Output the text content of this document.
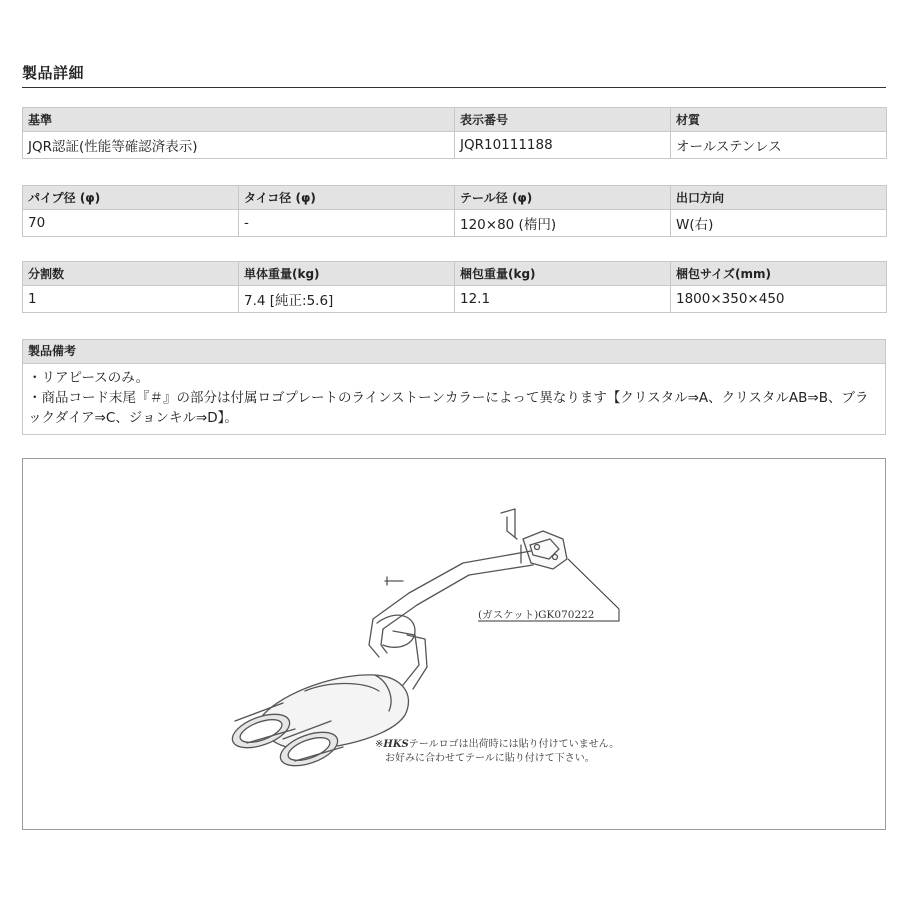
製品詳細
基準	表示番号	材質
JQR認証(性能等確認済表示)	JQR10111188	オールステンレス
パイプ径 (φ)	タイコ径 (φ)	テール径 (φ)	出口方向
70	-	120×80 (楕円)	W(右)
分割数	単体重量(kg)	梱包重量(kg)	梱包サイズ(mm)
1	7.4 [純正:5.6]	12.1	1800×350×450
製品備考
・リアピースのみ。
・商品コード末尾『＃』の部分は付属ロゴプレートのラインストーンカラーによって異なります【クリスタル⇒A、クリスタルAB⇒B、ブラックダイア⇒C、ジョンキル⇒D】。
(ガスケット)GK070222
※HKSテールロゴは出荷時には貼り付けていません。
お好みに合わせてテールに貼り付けて下さい。
